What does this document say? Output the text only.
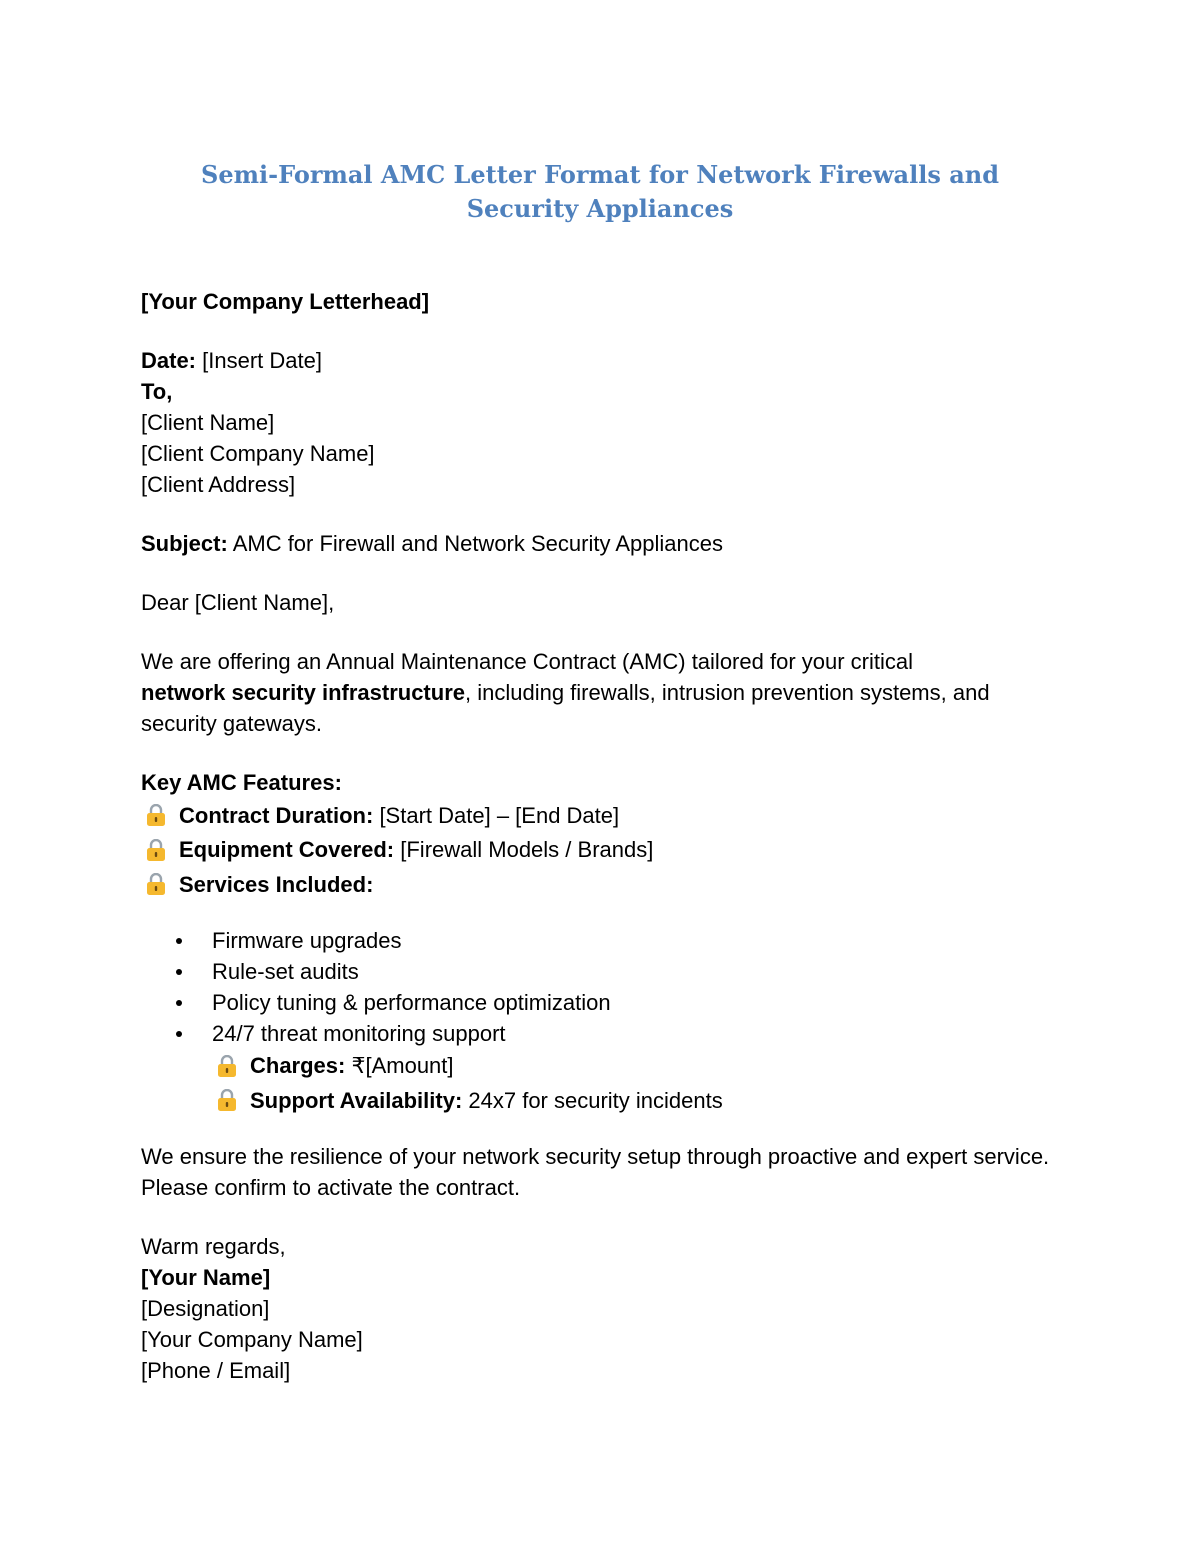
Semi-Formal AMC Letter Format for Network Firewalls and Security Appliances
[Your Company Letterhead]
Date: [Insert Date]
To,
[Client Name]
[Client Company Name]
[Client Address]
Subject: AMC for Firewall and Network Security Appliances
Dear [Client Name],
We are offering an Annual Maintenance Contract (AMC) tailored for your critical
network security infrastructure, including firewalls, intrusion prevention systems, and security gateways.
Key AMC Features:
Contract Duration: [Start Date] – [End Date]
Equipment Covered: [Firewall Models / Brands]
Services Included:
Firmware upgrades
Rule-set audits
Policy tuning & performance optimization
24/7 threat monitoring support
Charges: ₹[Amount]
Support Availability: 24x7 for security incidents
We ensure the resilience of your network security setup through proactive and expert service. Please confirm to activate the contract.
Warm regards,
[Your Name]
[Designation]
[Your Company Name]
[Phone / Email]
